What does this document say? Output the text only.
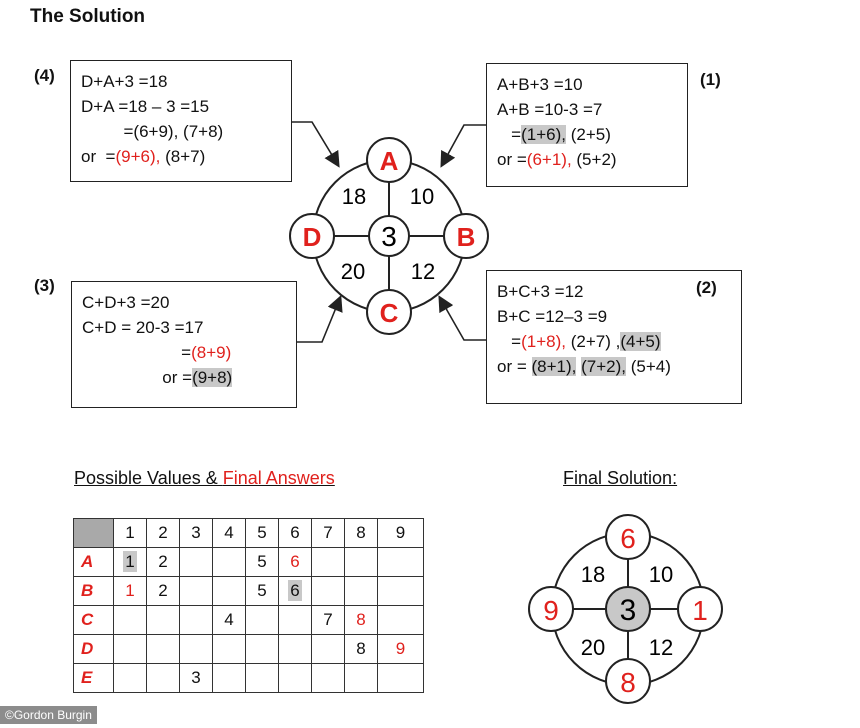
The Solution
(4) D+A+3 =18
D+A =18 – 3 =15
=(6+9), (7+8)
or  =(9+6), (8+7)
(1)
A+B+3 =10
A+B =10-3 =7
=(1+6), (2+5)
or =(6+1), (5+2)
(3)
C+D+3 =20
C+D = 20-3 =17
=(8+9)
or =(9+8)
B+C+3 =12
B+C =12–3 =9
=(1+8), (2+7) ,(4+5)
or = (8+1), (7+2), (5+4)
(2)
3
A
B
C
D
18 10
20 12
Possible Values & Final Answers
	1	2	3	4	5	6	7	8	9
A	1	2			5	6			
B	1	2			5	6			
C				4			7	8	
D								8	9
E			3						
Final Solution:
3
6
1
8
9
18 10
20 12
©Gordon Burgin
